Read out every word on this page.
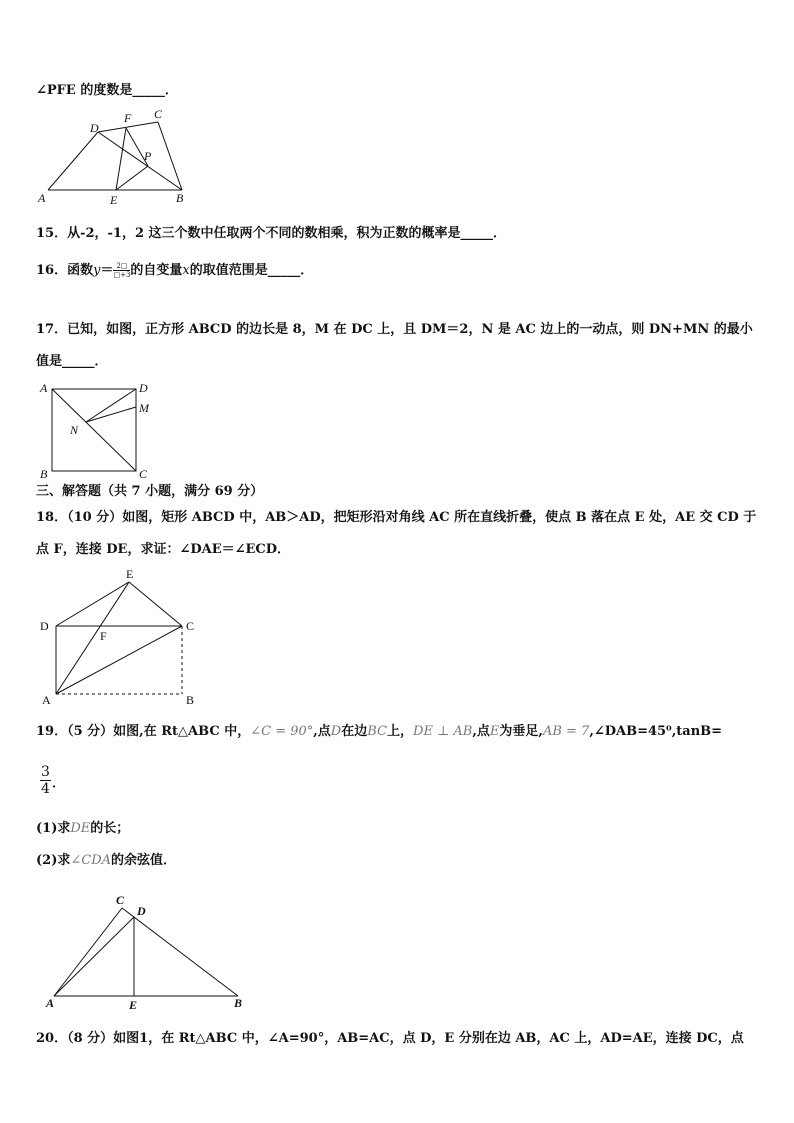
∠PFE 的度数是_____．
D
F C
P
A	E	B
15．从-2，-1，2 这三个数中任取两个不同的数相乘，积为正数的概率是_____．
16．函数$y= \frac{2□}{□+3}$ 的自变量x的取值范围是_____．
17．已知，如图，正方形 ABCD 的边长是 8，M 在 DC 上，且 DM＝2，N 是 AC 边上的一动点，则 DN+MN 的最小
值是_____．
A	D
M
N
B	C
三、解答题（共 7 小题，满分 69 分）
18．（10 分）如图，矩形 ABCD 中，AB＞AD，把矩形沿对角线 AC 所在直线折叠，使点 B 落在点 E 处，AE 交 CD 于
点 F，连接 DE，求证：∠DAE＝∠ECD．
E
D
F
C
A	B
19．（5 分）如图,在 Rt△ABC 中，∠C = 90°,点D在边BC上，DE ⊥ AB,点E为垂足,AB = 7,∠DAB=45⁰,tanB=
$\frac{3}{4}$ ．
(1)求DE的长；
(2)求∠CDA的余弦值．
C
D
A	E	B
20．（8 分）如图1，在 Rt△ABC 中，∠A=90°，AB=AC，点 D，E 分别在边 AB，AC 上，AD=AE，连接 DC，点
